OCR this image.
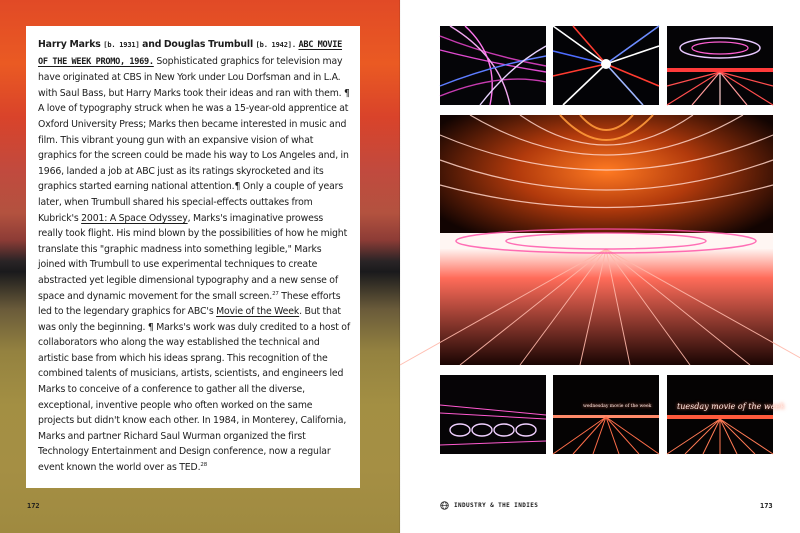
Harry Marks [b. 1931] and Douglas Trumbull [b. 1942]. ABC MOVIE OF THE WEEK PROMO, 1969. Sophisticated graphics for television may have originated at CBS in New York under Lou Dorfsman and in L.A. with Saul Bass, but Harry Marks took their ideas and ran with them. ¶ A love of typography struck when he was a 15-year-old apprentice at Oxford University Press; Marks then became interested in music and film. This vibrant young gun with an expansive vision of what graphics for the screen could be made his way to Los Angeles and, in 1966, landed a job at ABC just as its ratings skyrocketed and its graphics started earning national attention.¶ Only a couple of years later, when Trumbull shared his special-effects outtakes from Kubrick's 2001: A Space Odyssey, Marks's imaginative prowess really took flight. His mind blown by the possibilities of how he might translate this "graphic madness into something legible," Marks joined with Trumbull to use experimental techniques to create abstracted yet legible dimensional typography and a new sense of space and dynamic movement for the small screen.$^{27}$ These efforts led to the legendary graphics for ABC's Movie of the Week. But that was only the beginning. ¶ Marks's work was duly credited to a host of collaborators who along the way established the technical and artistic base from which his ideas sprang. This recognition of the combined talents of musicians, artists, scientists, and engineers led Marks to conceive of a conference to gather all the diverse, exceptional, inventive people who often worked on the same projects but didn't know each other. In 1984, in Monterey, California, Marks and partner Richard Saul Wurman organized the first Technology Entertainment and Design conference, now a regular event known the world over as TED.$^{28}$

172
wednesday movie of the week	tuesday movie of the week
INDUSTRY & THE INDIES	173
